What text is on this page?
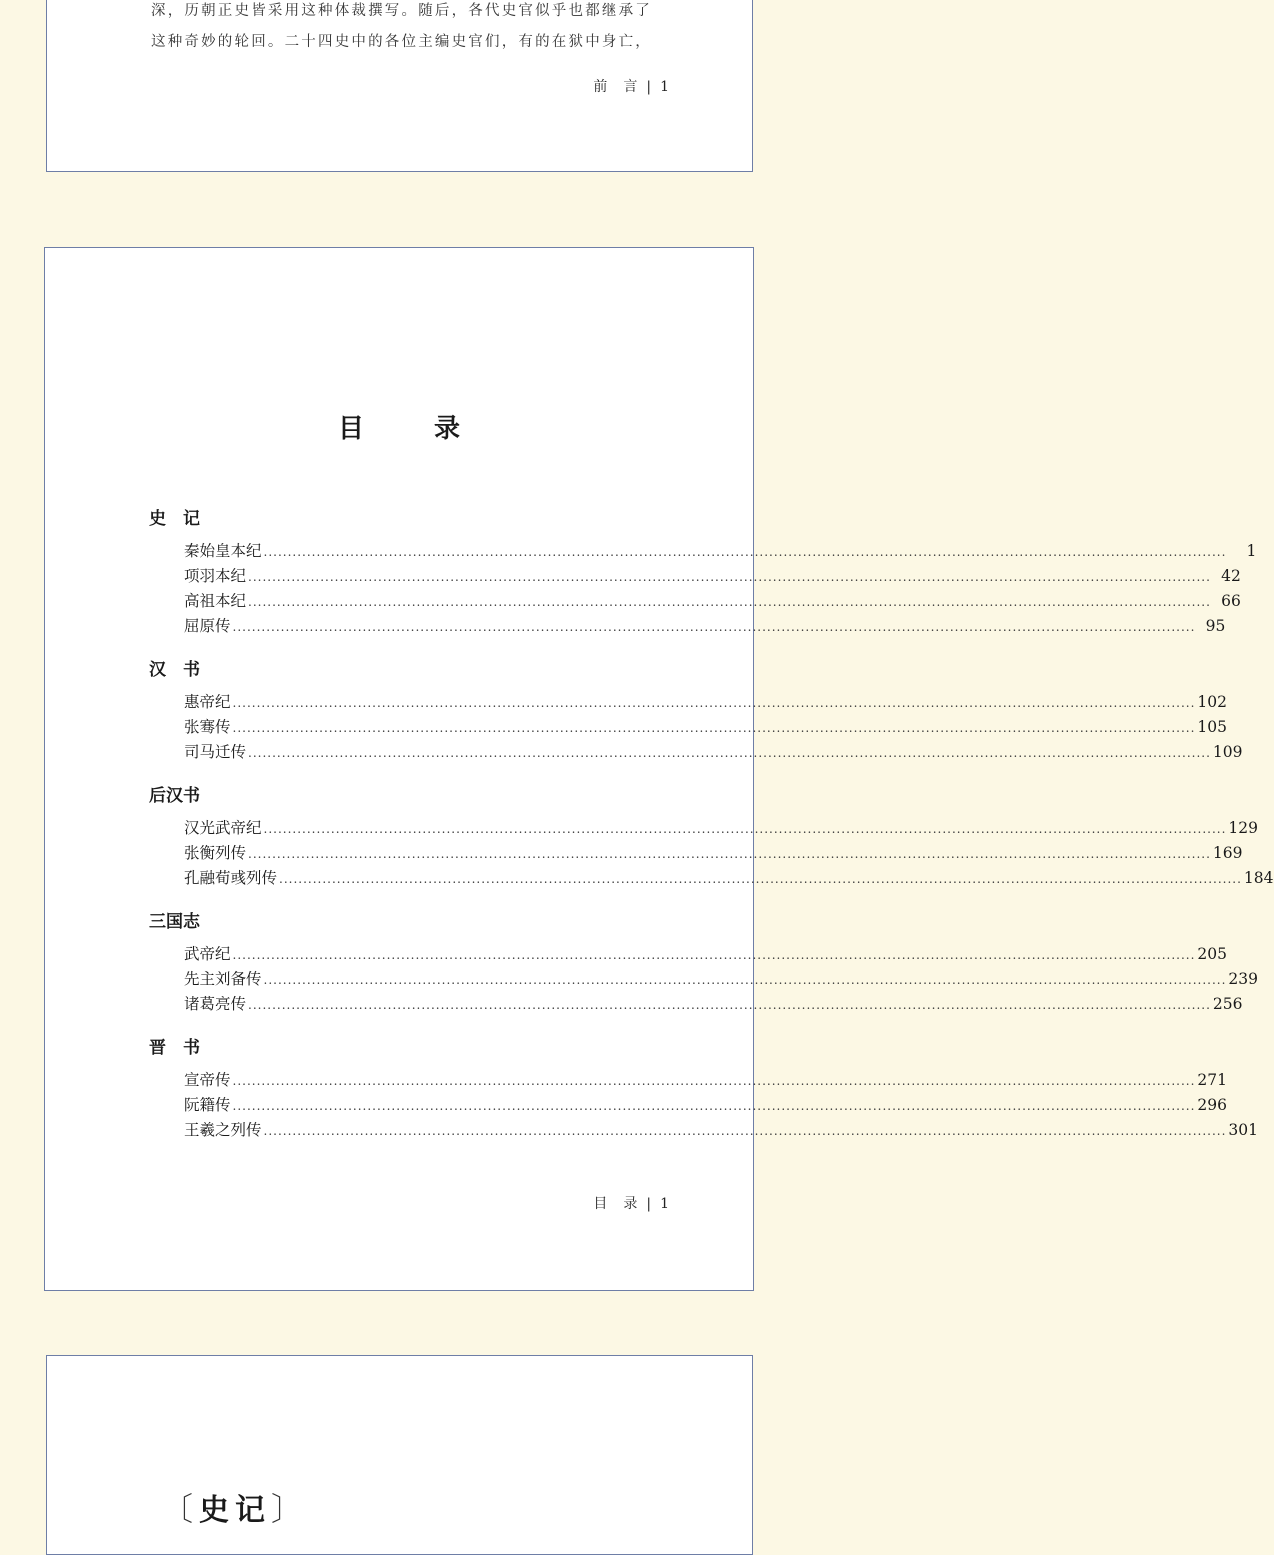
深，历朝正史皆采用这种体裁撰写。随后，各代史官似乎也都继承了
这种奇妙的轮回。二十四史中的各位主编史官们，有的在狱中身亡，
前　言 | 1
目　录
史　记
秦始皇本纪 ........................................................................................................................................................................................................	1
项羽本纪 ........................................................................................................................................................................................................ 42
高祖本纪 ........................................................................................................................................................................................................ 66
屈原传 ........................................................................................................................................................................................................ 95
汉　书
惠帝纪 ........................................................................................................................................................................................................ 102
张骞传 ........................................................................................................................................................................................................ 105
司马迁传 ........................................................................................................................................................................................................ 109
后汉书
汉光武帝纪 ........................................................................................................................................................................................................ 129
张衡列传 ........................................................................................................................................................................................................ 169
孔融荀彧列传 ........................................................................................................................................................................................................ 184
三国志
武帝纪 ........................................................................................................................................................................................................ 205
先主刘备传 ........................................................................................................................................................................................................ 239
诸葛亮传 ........................................................................................................................................................................................................ 256
晋　书
宣帝传 ........................................................................................................................................................................................................ 271
阮籍传 ........................................................................................................................................................................................................ 296
王羲之列传 ........................................................................................................................................................................................................ 301
目　录 | 1
〔史记〕
